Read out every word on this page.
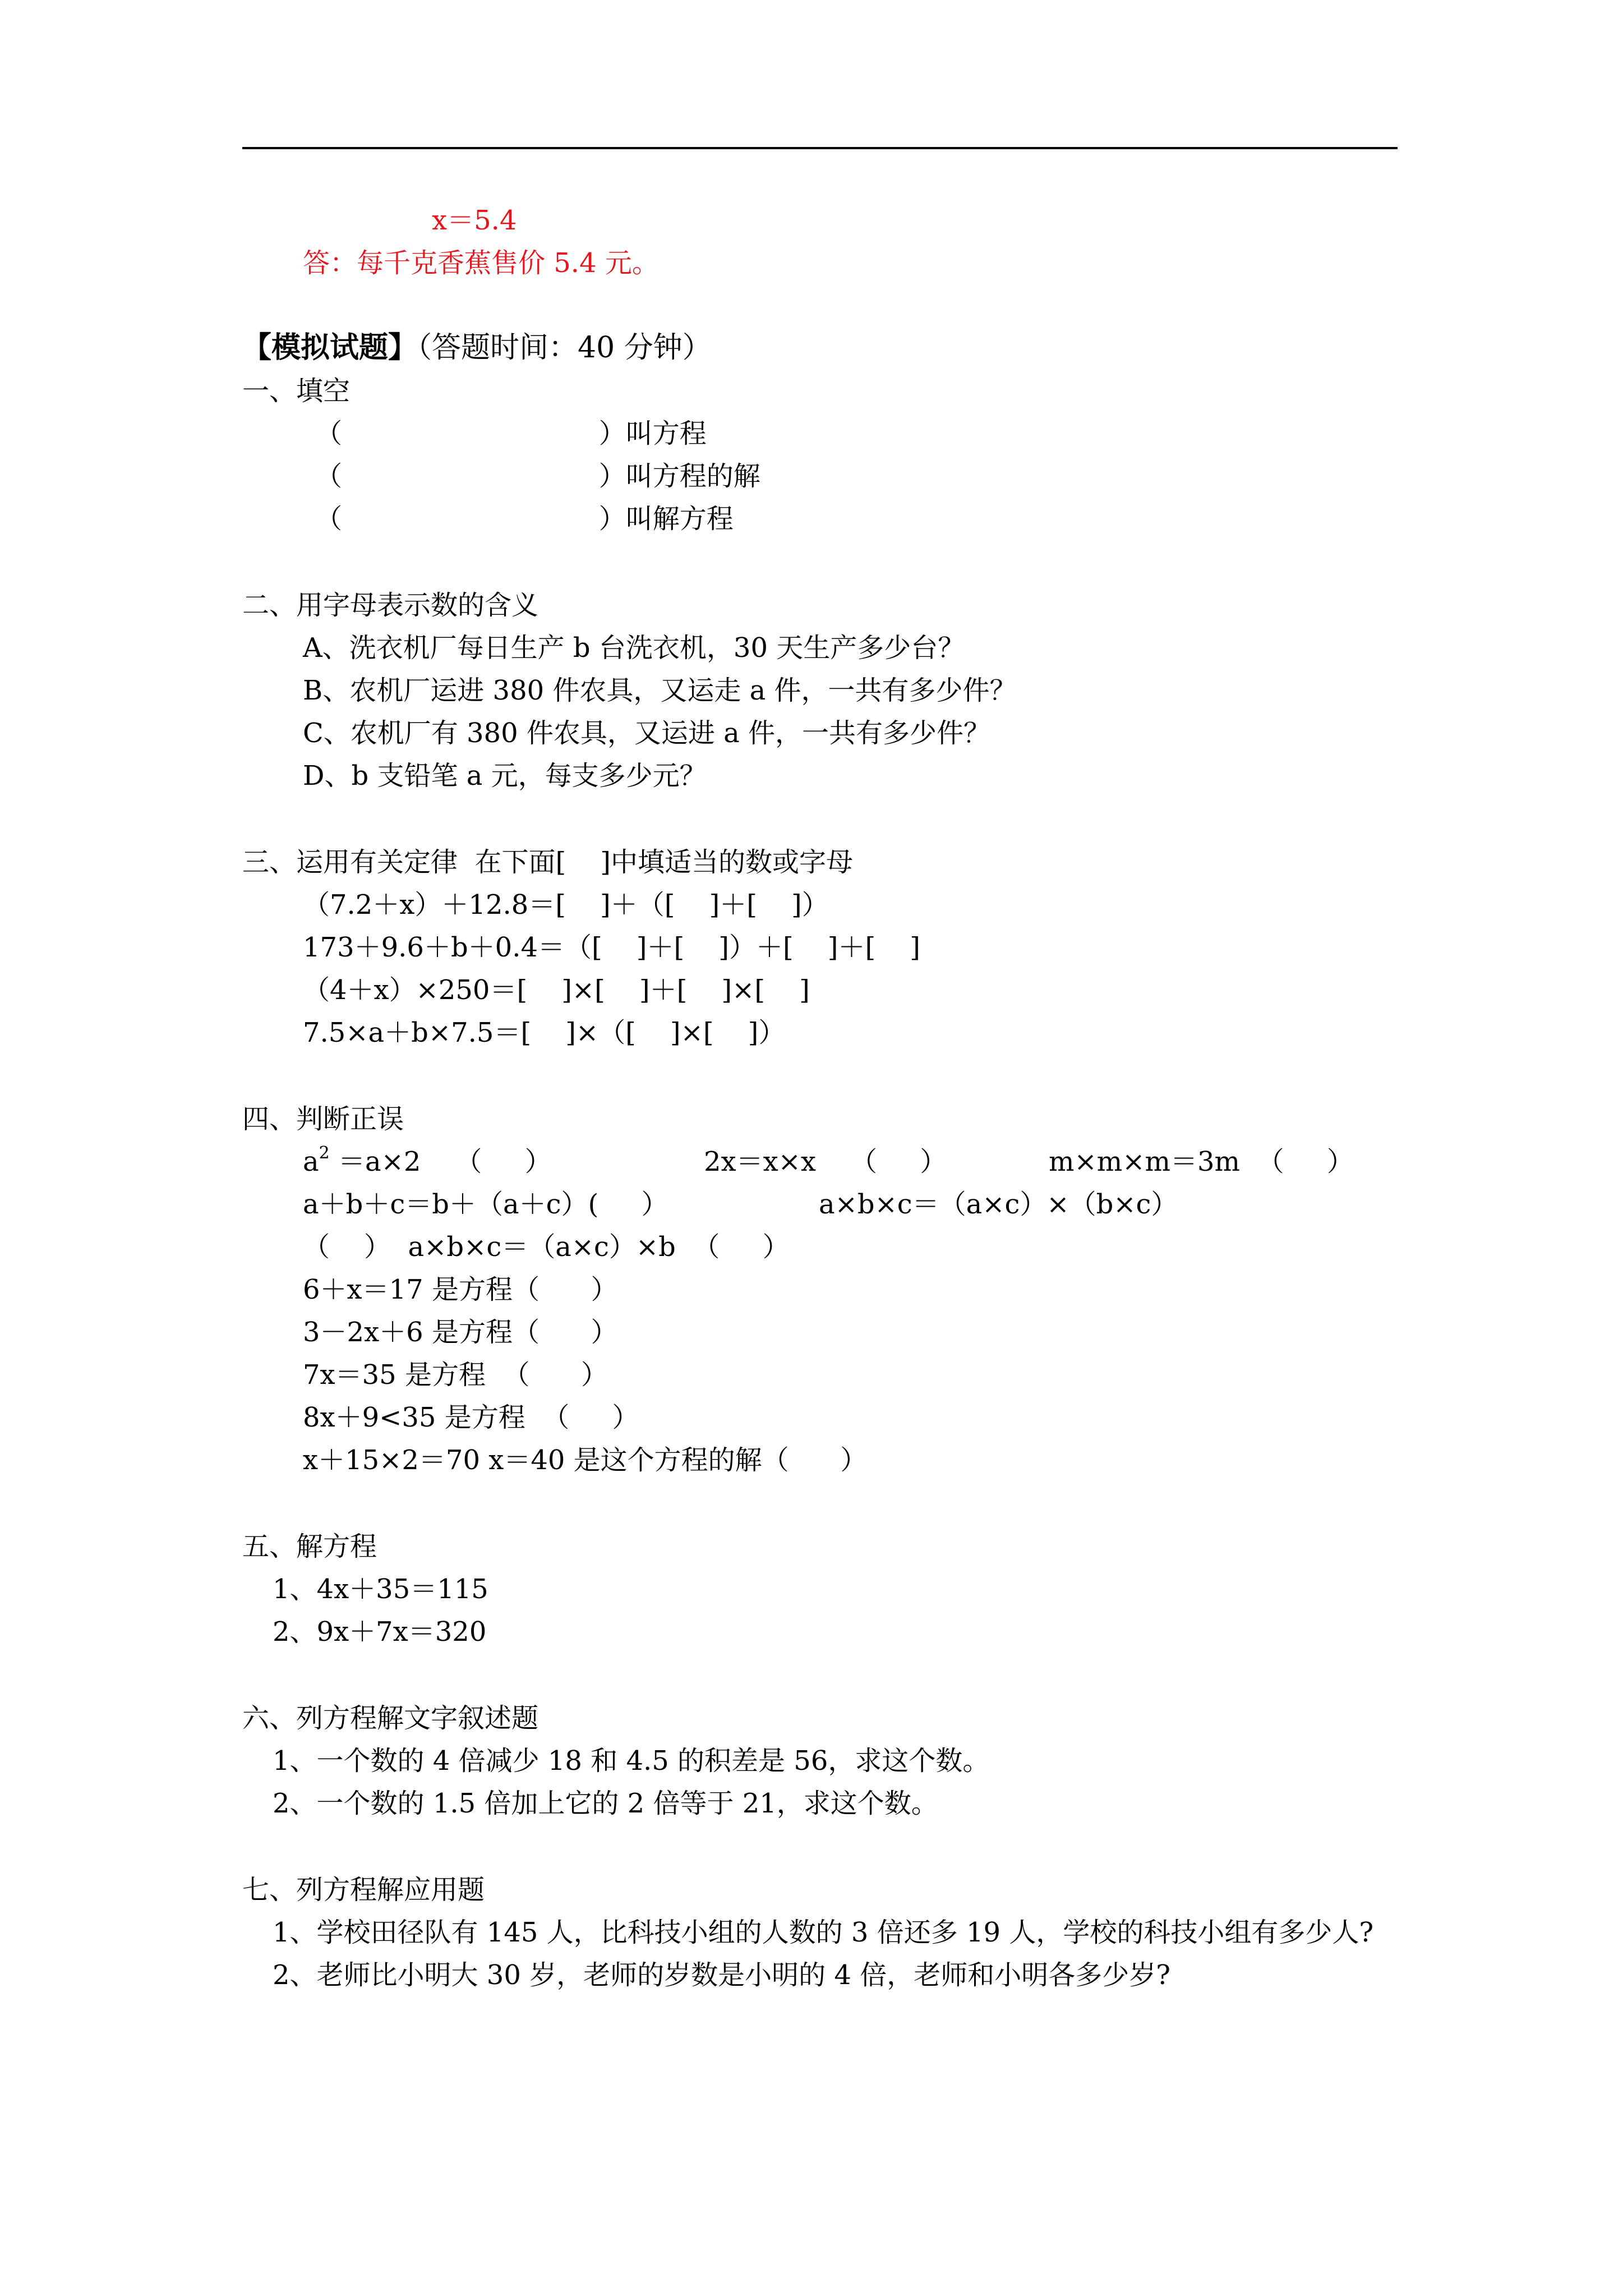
x＝5.4
答：每千克香蕉售价 5.4 元。
【模拟试题】（答题时间：40 分钟）
一、填空
（                              ）叫方程
（                              ）叫方程的解
（                              ）叫解方程
二、用字母表示数的含义
A、洗衣机厂每日生产 b 台洗衣机，30 天生产多少台？
B、农机厂运进 380 件农具，又运走 a 件，一共有多少件？
C、农机厂有 380 件农具，又运进 a 件，一共有多少件？
D、b 支铅笔 a 元，每支多少元？
三、运用有关定律  在下面[    ]中填适当的数或字母
（7.2＋x）＋12.8＝[    ]＋（[    ]＋[    ]）
173＋9.6＋b＋0.4＝（[    ]＋[    ]）＋[    ]＋[    ]
（4＋x）×250＝[    ]×[    ]＋[    ]×[    ]
7.5×a＋b×7.5＝[    ]×（[    ]×[    ]）
四、判断正误
$a^2 =a\times 2$    （     ）	2x＝x×x    （     ）	m×m×m＝3m  （     ）
a＋b＋c＝b＋（a＋c）(     ）	a×b×c＝（a×c）×（b×c）
（    ）  a×b×c＝（a×c）×b  （     ）
6＋x＝17 是方程（      ）
3－2x＋6 是方程（      ）
7x＝35 是方程  （      ）
8x＋9<35 是方程  （     ）
x＋15×2＝70 x＝40 是这个方程的解（      ）
五、解方程
1、4x＋35＝115
2、9x＋7x＝320
六、列方程解文字叙述题
1、一个数的 4 倍减少 18 和 4.5 的积差是 56，求这个数。
2、一个数的 1.5 倍加上它的 2 倍等于 21，求这个数。
七、列方程解应用题
1、学校田径队有 145 人，比科技小组的人数的 3 倍还多 19 人，学校的科技小组有多少人?
2、老师比小明大 30 岁，老师的岁数是小明的 4 倍，老师和小明各多少岁?
